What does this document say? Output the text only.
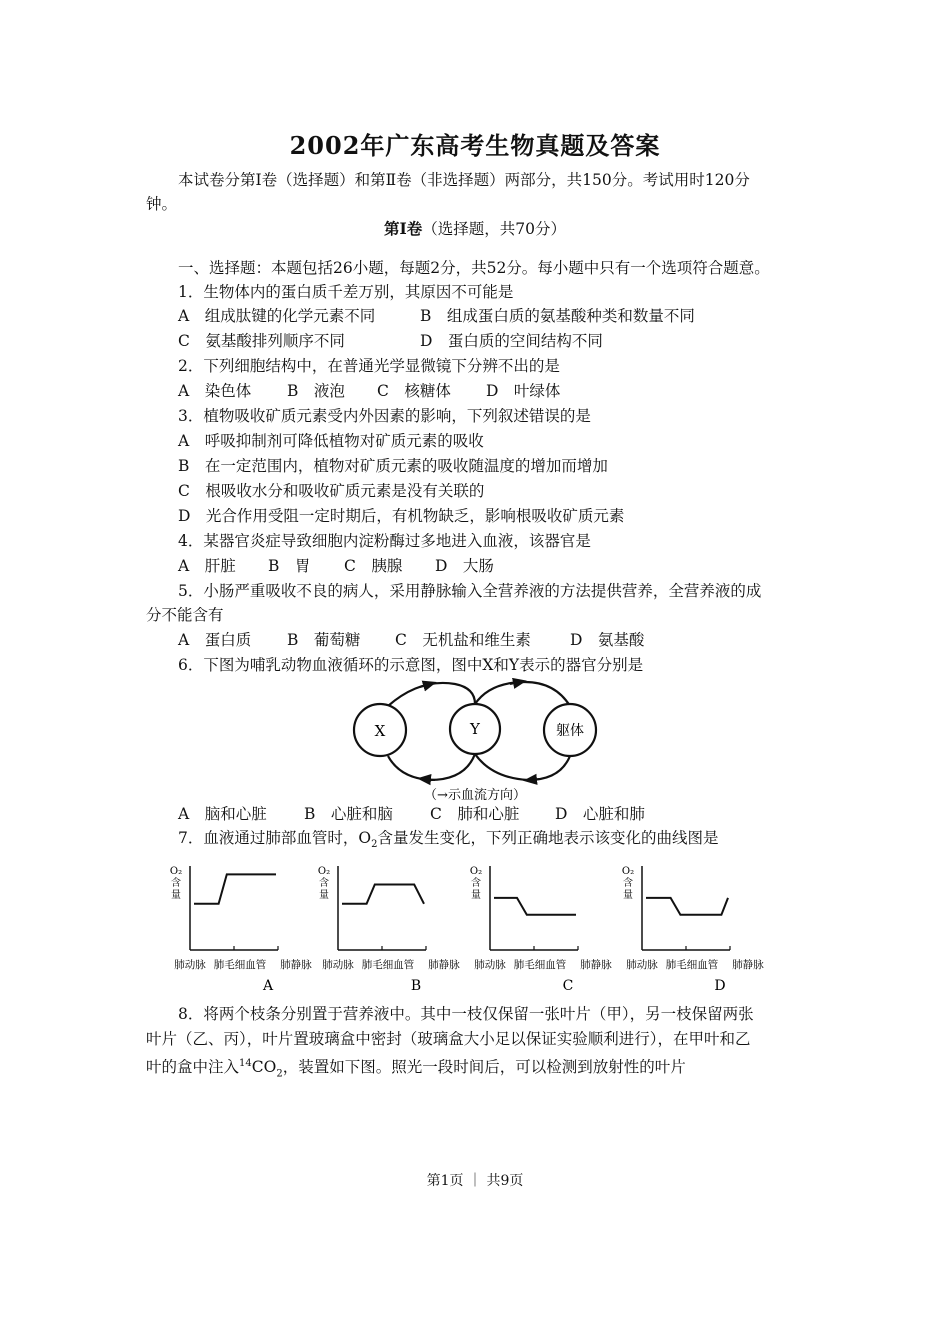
2002年广东高考生物真题及答案
本试卷分第Ⅰ卷（选择题）和第Ⅱ卷（非选择题）两部分，共150分。考试用时120分
钟。
第Ⅰ卷（选择题，共70分）
一、选择题：本题包括26小题，每题2分，共52分。每小题中只有一个选项符合题意。
1．生物体内的蛋白质千差万别，其原因不可能是
A　组成肽键的化学元素不同	B　组成蛋白质的氨基酸种类和数量不同
C　氨基酸排列顺序不同	D　蛋白质的空间结构不同
2．下列细胞结构中，在普通光学显微镜下分辨不出的是
A　染色体 B　液泡 C　核糖体 D　叶绿体
3．植物吸收矿质元素受内外因素的影响，下列叙述错误的是
A　呼吸抑制剂可降低植物对矿质元素的吸收
B　在一定范围内，植物对矿质元素的吸收随温度的增加而增加
C　根吸收水分和吸收矿质元素是没有关联的
D　光合作用受阻一定时期后，有机物缺乏，影响根吸收矿质元素
4．某器官炎症导致细胞内淀粉酶过多地进入血液，该器官是
A　肝脏 B　胃 C　胰腺 D　大肠
5．小肠严重吸收不良的病人，采用静脉输入全营养液的方法提供营养，全营养液的成
分不能含有
A　蛋白质 B　葡萄糖 C　无机盐和维生素	D　氨基酸
6．下图为哺乳动物血液循环的示意图，图中X和Y表示的器官分别是
X	Y	躯体
（→示血流方向）
A　脑和心脏 B　心脏和脑 C　肺和心脏 D　心脏和肺
7．血液通过肺部血管时，$O_2$含量发生变化，下列正确地表示该变化的曲线图是
O₂
含
量
肺动脉 肺毛细血管 肺静脉
A
O₂
含
量
肺动脉 肺毛细血管 肺静脉
B
O₂
含
量
肺动脉 肺毛细血管 肺静脉
C
O₂
含
量
肺动脉 肺毛细血管 肺静脉
D
8．将两个枝条分别置于营养液中。其中一枝仅保留一张叶片（甲），另一枝保留两张
叶片（乙、丙），叶片置玻璃盒中密封（玻璃盒大小足以保证实验顺利进行），在甲叶和乙
叶的盒中注入$^{14}CO_2$，装置如下图。照光一段时间后，可以检测到放射性的叶片
第1页 ｜ 共9页
